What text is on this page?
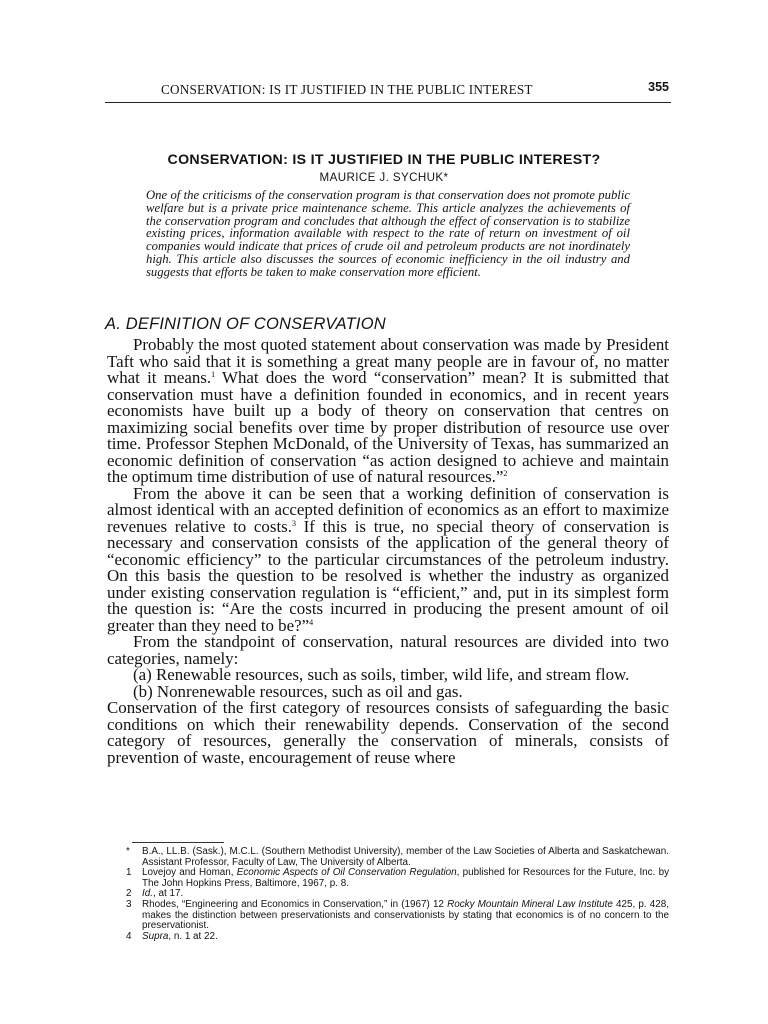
CONSERVATION: IS IT JUSTIFIED IN THE PUBLIC INTEREST	355
CONSERVATION: IS IT JUSTIFIED IN THE PUBLIC INTEREST?
MAURICE J. SYCHUK*
One of the criticisms of the conservation program is that conservation does not promote public welfare but is a private price maintenance scheme. This article analyzes the achievements of the conservation program and concludes that although the effect of conservation is to stabilize existing prices, information available with respect to the rate of return on investment of oil companies would indicate that prices of crude oil and petroleum products are not inordinately high. This article also discusses the sources of economic inefficiency in the oil industry and suggests that efforts be taken to make conservation more efficient.
A. DEFINITION OF CONSERVATION

Probably the most quoted statement about conservation was made by President Taft who said that it is something a great many people are in favour of, no matter what it means.$^1$ What does the word “conservation” mean? It is submitted that conservation must have a definition founded in economics, and in recent years economists have built up a body of theory on conservation that centres on maximizing social benefits over time by proper distribution of resource use over time. Professor Stephen McDonald, of the University of Texas, has summarized an economic definition of conservation “as action designed to achieve and maintain the optimum time distribution of use of natural resources.”$^2$

From the above it can be seen that a working definition of conservation is almost identical with an accepted definition of economics as an effort to maximize revenues relative to costs.$^3$ If this is true, no special theory of conservation is necessary and conservation consists of the application of the general theory of “economic efficiency” to the particular circumstances of the petroleum industry. On this basis the question to be resolved is whether the industry as organized under existing conservation regulation is “efficient,” and, put in its simplest form the question is: “Are the costs incurred in producing the present amount of oil greater than they need to be?”$^4$

From the standpoint of conservation, natural resources are divided into two categories, namely:

(a) Renewable resources, such as soils, timber, wild life, and stream flow.

(b) Nonrenewable resources, such as oil and gas.

Conservation of the first category of resources consists of safeguarding the basic conditions on which their renewability depends. Conservation of the second category of resources, generally the conservation of minerals, consists of prevention of waste, encouragement of reuse where

* B.A., LL.B. (Sask.), M.C.L. (Southern Methodist University), member of the Law Societies of Alberta and Saskatchewan. Assistant Professor, Faculty of Law, The University of Alberta.
1 Lovejoy and Homan, Economic Aspects of Oil Conservation Regulation, published for Resources for the Future, Inc. by The John Hopkins Press, Baltimore, 1967, p. 8.
2 Id., at 17.
3 Rhodes, “Engineering and Economics in Conservation,” in (1967) 12 Rocky Mountain Mineral Law Institute 425, p. 428, makes the distinction between preservationists and conservationists by stating that economics is of no concern to the preservationist.
4 Supra, n. 1 at 22.
